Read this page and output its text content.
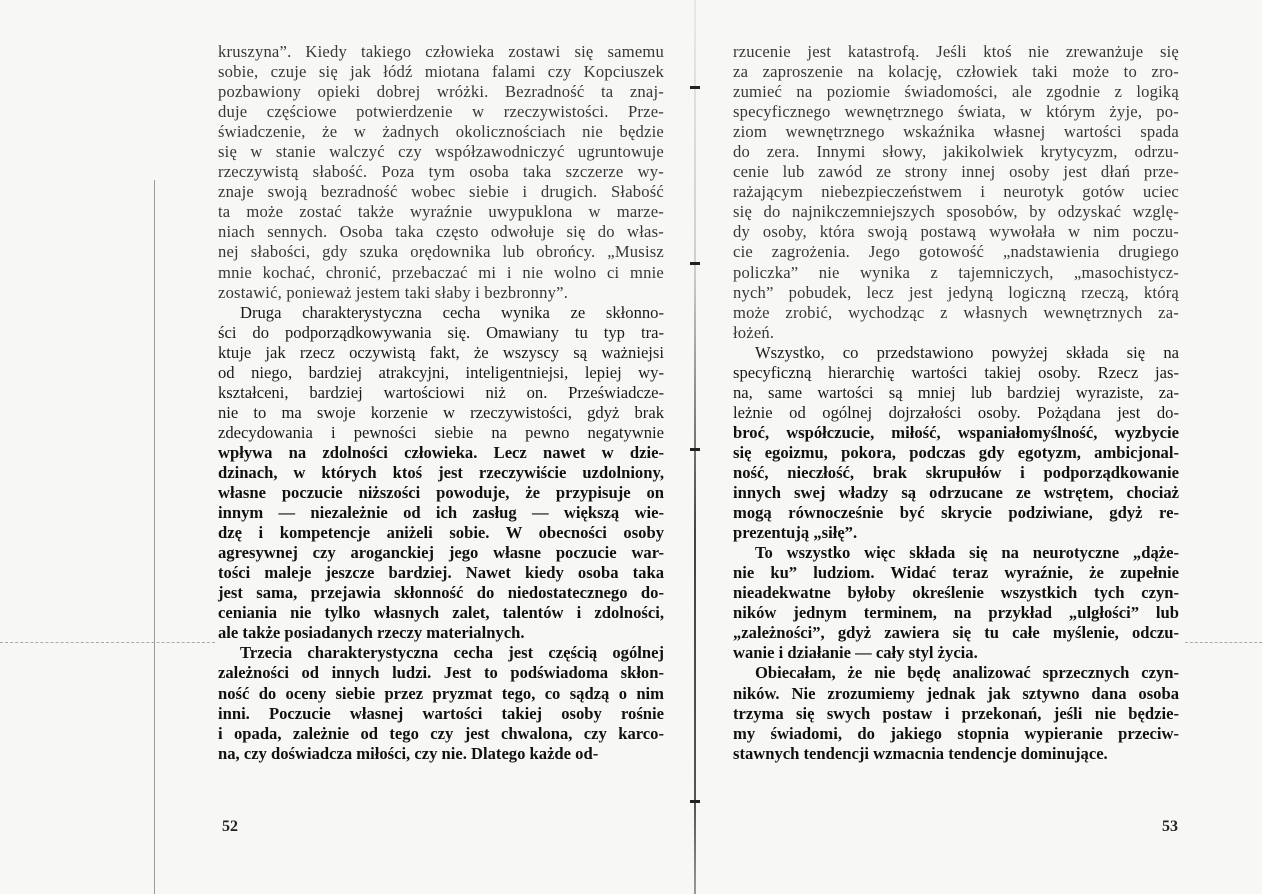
kruszyna”. Kiedy takiego człowieka zostawi się samemu
sobie, czuje się jak łódź miotana falami czy Kopciuszek
pozbawiony opieki dobrej wróżki. Bezradność ta znaj-
duje częściowe potwierdzenie w rzeczywistości. Prze-
świadczenie, że w żadnych okolicznościach nie będzie
się w stanie walczyć czy współzawodniczyć ugruntowuje
rzeczywistą słabość. Poza tym osoba taka szczerze wy-
znaje swoją bezradność wobec siebie i drugich. Słabość
ta może zostać także wyraźnie uwypuklona w marze-
niach sennych. Osoba taka często odwołuje się do włas-
nej słabości, gdy szuka orędownika lub obrońcy. „Musisz
mnie kochać, chronić, przebaczać mi i nie wolno ci mnie
zostawić, ponieważ jestem taki słaby i bezbronny”.

Druga charakterystyczna cecha wynika ze skłonno-
ści do podporządkowywania się. Omawiany tu typ tra-
ktuje jak rzecz oczywistą fakt, że wszyscy są ważniejsi
od niego, bardziej atrakcyjni, inteligentniejsi, lepiej wy-
kształceni, bardziej wartościowi niż on. Przeświadcze-
nie to ma swoje korzenie w rzeczywistości, gdyż brak
zdecydowania i pewności siebie na pewno negatywnie

wpływa na zdolności człowieka. Lecz nawet w dzie-
dzinach, w których ktoś jest rzeczywiście uzdolniony,
własne poczucie niższości powoduje, że przypisuje on
innym — niezależnie od ich zasług — większą wie-
dzę i kompetencje aniżeli sobie. W obecności osoby
agresywnej czy aroganckiej jego własne poczucie war-
tości maleje jeszcze bardziej. Nawet kiedy osoba taka
jest sama, przejawia skłonność do niedostatecznego do-
ceniania nie tylko własnych zalet, talentów i zdolności,
ale także posiadanych rzeczy materialnych.

Trzecia charakterystyczna cecha jest częścią ogólnej
zależności od innych ludzi. Jest to podświadoma skłon-
ność do oceny siebie przez pryzmat tego, co sądzą o nim
inni. Poczucie własnej wartości takiej osoby rośnie
i opada, zależnie od tego czy jest chwalona, czy karco-
na, czy doświadcza miłości, czy nie. Dlatego każde od-

52

rzucenie jest katastrofą. Jeśli ktoś nie zrewanżuje się
za zaproszenie na kolację, człowiek taki może to zro-
zumieć na poziomie świadomości, ale zgodnie z logiką
specyficznego wewnętrznego świata, w którym żyje, po-
ziom wewnętrznego wskaźnika własnej wartości spada
do zera. Innymi słowy, jakikolwiek krytycyzm, odrzu-
cenie lub zawód ze strony innej osoby jest dłań prze-
rażającym niebezpieczeństwem i neurotyk gotów uciec
się do najnikczemniejszych sposobów, by odzyskać wzglę-
dy osoby, która swoją postawą wywołała w nim poczu-
cie zagrożenia. Jego gotowość „nadstawienia drugiego
policzka” nie wynika z tajemniczych, „masochistycz-
nych” pobudek, lecz jest jedyną logiczną rzeczą, którą
może zrobić, wychodząc z własnych wewnętrznych za-
łożeń.

Wszystko, co przedstawiono powyżej składa się na
specyficzną hierarchię wartości takiej osoby. Rzecz jas-
na, same wartości są mniej lub bardziej wyraziste, za-
leżnie od ogólnej dojrzałości osoby. Pożądana jest do-

broć, współczucie, miłość, wspaniałomyślność, wyzbycie
się egoizmu, pokora, podczas gdy egotyzm, ambicjonal-
ność, nieczłość, brak skrupułów i podporządkowanie
innych swej władzy są odrzucane ze wstrętem, chociaż
mogą równocześnie być skrycie podziwiane, gdyż re-
prezentują „siłę”.

To wszystko więc składa się na neurotyczne „dąże-
nie ku” ludziom. Widać teraz wyraźnie, że zupełnie
nieadekwatne byłoby określenie wszystkich tych czyn-
ników jednym terminem, na przykład „ulgłości” lub
„zależności”, gdyż zawiera się tu całe myślenie, odczu-
wanie i działanie — cały styl życia.

Obiecałam, że nie będę analizować sprzecznych czyn-
ników. Nie zrozumiemy jednak jak sztywno dana osoba
trzyma się swych postaw i przekonań, jeśli nie będzie-
my świadomi, do jakiego stopnia wypieranie przeciw-
stawnych tendencji wzmacnia tendencje dominujące.

53
